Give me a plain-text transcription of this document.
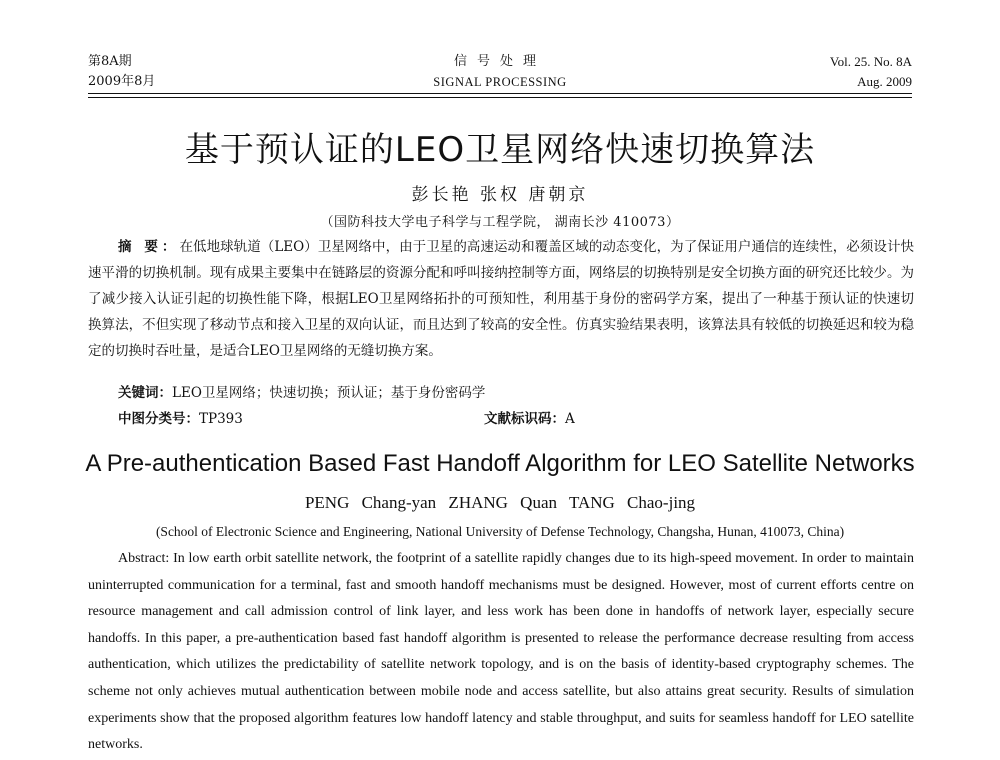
第8A期
2009年8月
信号处理
SIGNAL PROCESSING
Vol. 25. No. 8A
Aug. 2009
基于预认证的LEO卫星网络快速切换算法
彭长艳 张权 唐朝京
（国防科技大学电子科学与工程学院， 湖南长沙 410073）
摘 要：在低地球轨道（LEO）卫星网络中，由于卫星的高速运动和覆盖区域的动态变化，为了保证用户通信的连续性，必须设计快速平滑的切换机制。现有成果主要集中在链路层的资源分配和呼叫接纳控制等方面，网络层的切换特别是安全切换方面的研究还比较少。为了减少接入认证引起的切换性能下降，根据LEO卫星网络拓扑的可预知性，利用基于身份的密码学方案，提出了一种基于预认证的快速切换算法，不但实现了移动节点和接入卫星的双向认证，而且达到了较高的安全性。仿真实验结果表明，该算法具有较低的切换延迟和较为稳定的切换时吞吐量，是适合LEO卫星网络的无缝切换方案。
关键词：LEO卫星网络；快速切换；预认证；基于身份密码学
中图分类号：TP393	文献标识码：A
A Pre-authentication Based Fast Handoff Algorithm for LEO Satellite Networks
PENG Chang-yan ZHANG Quan TANG Chao-jing
(School of Electronic Science and Engineering, National University of Defense Technology, Changsha, Hunan, 410073, China)
Abstract: In low earth orbit satellite network, the footprint of a satellite rapidly changes due to its high-speed movement. In order to maintain uninterrupted communication for a terminal, fast and smooth handoff mechanisms must be designed. However, most of current efforts centre on resource management and call admission control of link layer, and less work has been done in handoffs of network layer, especially secure handoffs. In this paper, a pre-authentication based fast handoff algorithm is presented to release the performance decrease resulting from access authentication, which utilizes the predictability of satellite network topology, and is on the basis of identity-based cryptography schemes. The scheme not only achieves mutual authentication between mobile node and access satellite, but also attains great security. Results of simulation experiments show that the proposed algorithm features low handoff latency and stable throughput, and suits for seamless handoff for LEO satellite networks.
